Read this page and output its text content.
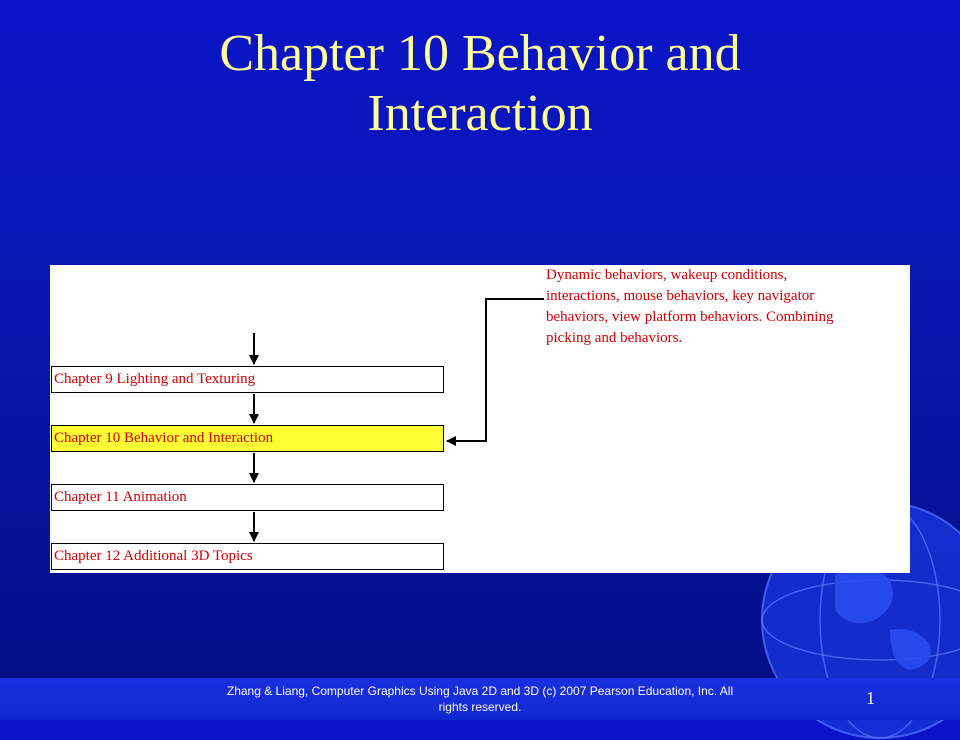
Chapter 10 Behavior and
Interaction
Dynamic behaviors, wakeup conditions,
interactions, mouse behaviors, key navigator
behaviors, view platform behaviors. Combining
picking and behaviors.
Chapter 9 Lighting and Texturing
Chapter 10 Behavior and Interaction
Chapter 11 Animation
Chapter 12 Additional 3D Topics
Zhang & Liang, Computer Graphics Using Java 2D and 3D (c) 2007 Pearson Education, Inc. All
rights reserved.	1
